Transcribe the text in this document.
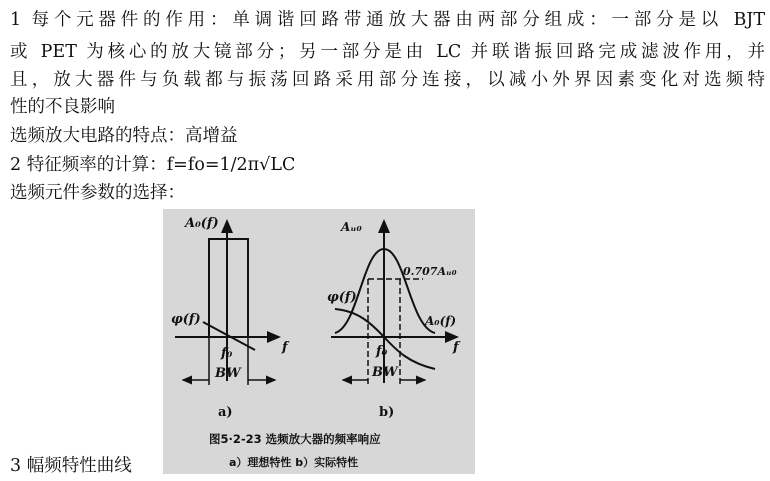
1 每个元器件的作用：单调谐回路带通放大器由两部分组成：一部分是以 BJT
或 PET 为核心的放大镜部分；另一部分是由 LC 并联谐振回路完成滤波作用，并
且，放大器件与负载都与振荡回路采用部分连接，以减小外界因素变化对选频特
性的不良影响
选频放大电路的特点：高增益
2 特征频率的计算：f=fo=1/2π√LC
选频元件参数的选择：
3 幅频特性曲线
A₀(f)
φ(f)
f₀	f
BW
a)
Aᵤ₀
0.707Aᵤ₀
φ(f)
A₀(f)
f₀	f
BW
b)
图5·2-23 选频放大器的频率响应
a）理想特性 b）实际特性
